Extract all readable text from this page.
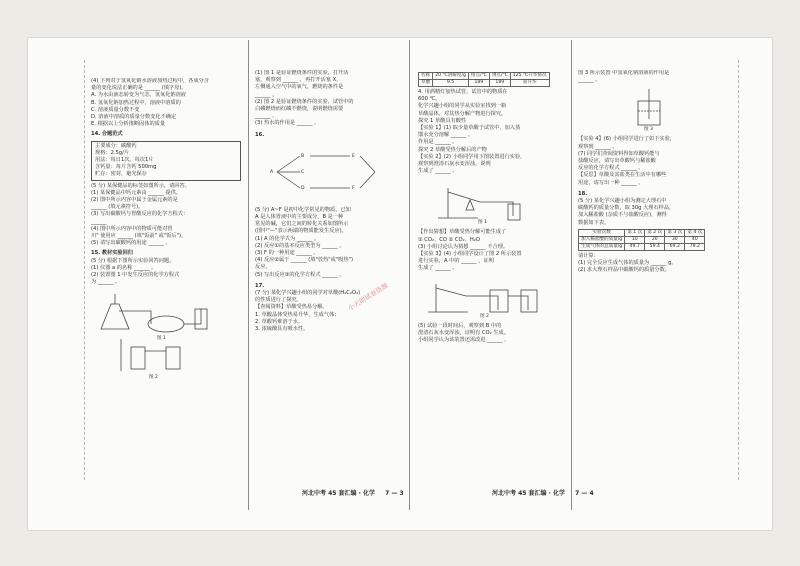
(4) 下列对于氢氧化钠水溶液加热过程中，各成分含

量的变化说法正确的是 ______ (填字母)。

A. 为水由液态转变为气态，氢氧化钠溶液

B. 氢氧化钠加热过程中，溶液中溶质的

C. 溶液质量分数不变

D. 溶液中溶质的质量分数变化不确定

E. 根据以上分析推断固体的质量

14. 合题范式

主要成分：碳酸钙

规格：2.5g/片

用法：每日1次，每次1片

含钙量：每片含钙 500mg

贮存：密封，避光保存

(5 分) 某保健品的标签如图所示，请回答。

(1) 某保健品中钙元素由 ______ 提供。

(2) 图中所示内容中属于金属元素的是

______ (填元素符号)。

(3) 写出碳酸钙与胃酸反应的化学方程式：

______

(4) 图中所示内容中的物质可能对胃

川" 使用应 ______ (填"饭前" 或"饭后")。

(5) 请写出碳酸钙的用途 ______ 。

15. 教材实验回归

(5 分) 根据下图所示实验回答问题。

(1) 仪器 a 的名称 ______ 。

(2) 装置图 1 中发生反应的化学方程式

为 ______ 。

图 1
图 2

(1) 图 1 是验证燃烧条件的实验，打开活

塞，观察到 ______ ，再打开活塞 X，

左侧通入空气中的氧气，燃烧的条件是

______ 。

(2) 图 2 是验证燃烧条件的实验，试管中的

白磷燃烧而红磷不燃烧，说明燃烧需要

______ 。

(3) 热水的作用是 ______ 。

16.

A
B
C
D
E
F

(5 分) A~F 是初中化学常见的物质，已知

A 是人体胃液中的主要成分，B 是一种

常见的碱，它们之间的转化关系如图所示

(图中"—"表示两端的物质能发生反应)。

(1) A 的化学式为 ______ 。

(2) 反应①的基本反应类型为 ______ 。

(3) F 的一种用途 ______ 。

(4) 反应②属于 ______ (填"放热"或"吸热")

反应。

(5) 写出反应③的化学方程式 ______ 。

17.

(7 分) 某化学兴趣小组的同学对草酸(H₂C₂O₄)

的性质进行了探究。

【查阅资料】草酸受热易分解。

1. 草酸晶体受热易升华，生成气体；

2. 草酸钙难溶于水。

3. 浓硫酸具有吸水性。

名称	20 ℃溶解度/g	熔点/℃	沸点/℃	125 ℃升华情况
草酸	9.5	189	189	易升华

4. 用酒精灯加热试管，试管中的物质在

600 ℃。

化学兴趣小组的同学从实验室找到一瓶

草酸晶体，对其热分解产物进行探究。

探究 1 草酸具有酸性

【实验 1】(1) 取少量草酸于试管中，加入蒸

馏水充分溶解 ______ 。

作用是 ______ 。

探究 2 草酸受热分解后的产物

【实验 2】(2) 小组同学用下图装置进行实验，

观察到澄清石灰水变浑浊，说明

生成了 ______ 。

图 1

【作出猜想】草酸受热分解可能生成了

① CO₂、CO ② CO₂、H₂O

(3) 小组讨论认为猜想 ______ 不合理。

【实验 3】(4) 小组同学设计了图 2 所示装置

进行实验，A 中的 ______ ，证明

生成了 ______ 。

图 2

(5) 试验一段时间后，观察到 B 中的

澄清石灰水变浑浊，证明有 CO₂ 生成。

小组同学认为该装置还需改进 ______ 。

图 3 所示装置 中氢氧化钠溶液的作用是

______ 。

图 3

【实验 4】(6) 小组同学进行了如下实验，

观察到 ______ 。

(7) 同学们查阅资料得知草酸钙能与

盐酸反应，请写出草酸钙与稀盐酸

反应的化学方程式 ______ 。

【反思】草酸及其盐类在生活中有哪些

用途，请写出一种 ______ 。

18.

(5 分) 某化学兴趣小组为测定大理石中

碳酸钙的质量分数，取 30g 大理石样品，

加入稀盐酸 (杂质不与盐酸反应)，测得

数据如下表。

实验次数	第 1 次	第 2 次	第 3 次	第 4 次
加入稀盐酸的质量/g	10	20	30	40
生成气体的总质量/g	49.7	59.4	69.2	79.2

请计算：

(1) 完全反应生成气体的质量为 ______ g。

(2) 求大理石样品中碳酸钙的质量分数。

小天朗试卷资源
河北中考 45 套汇编 · 化学 7 — 3	河北中考 45 套汇编 · 化学 7 — 4
